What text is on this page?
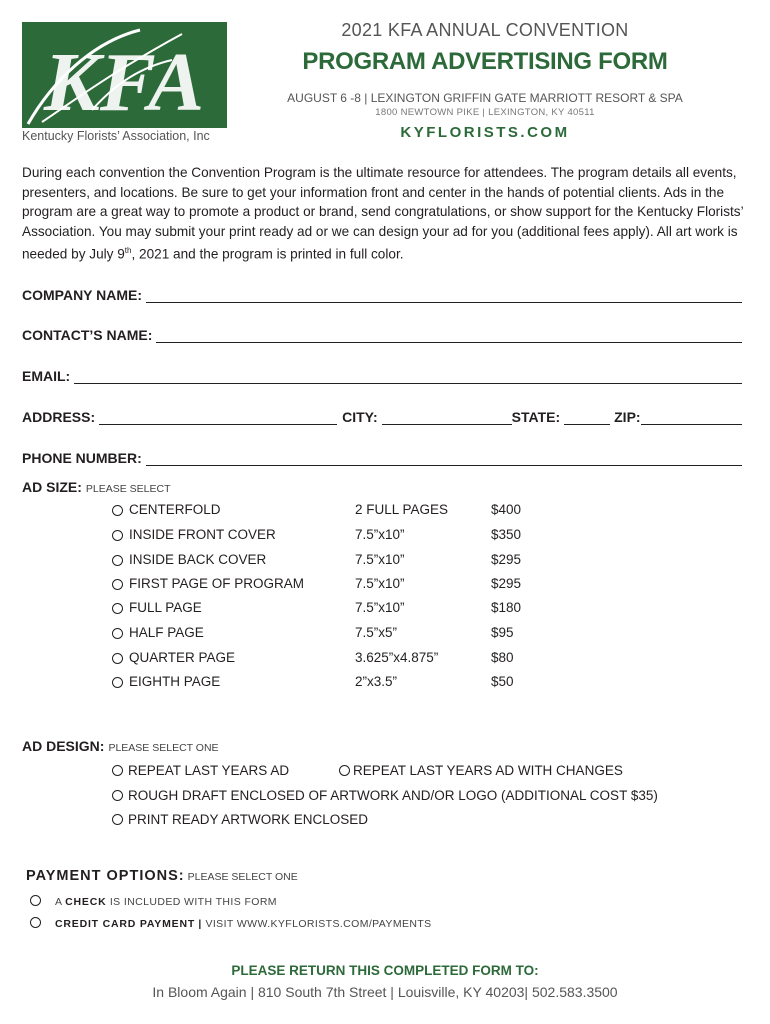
KFA
Kentucky Florists’ Association, Inc
2021 KFA ANNUAL CONVENTION
PROGRAM ADVERTISING FORM
AUGUST 6 -8 | LEXINGTON GRIFFIN GATE MARRIOTT RESORT & SPA
1800 NEWTOWN PIKE | LEXINGTON, KY 40511
KYFLORISTS.COM
During each convention the Convention Program is the ultimate resource for attendees. The program details all events, presenters, and locations. Be sure to get your information front and center in the hands of potential clients. Ads in the program are a great way to promote a product or brand, send congratulations, or show support for the Kentucky Florists’ Association. You may submit your print ready ad or we can design your ad for you (additional fees apply). All art work is needed by July 9th, 2021 and the program is printed in full color.
COMPANY NAME:
CONTACT’S NAME:
EMAIL:
ADDRESS:	CITY:	STATE:	ZIP:
PHONE NUMBER:
AD SIZE: PLEASE SELECT
CENTERFOLD	2 FULL PAGES	$400
INSIDE FRONT COVER	7.5”x10”	$350
INSIDE BACK COVER	7.5”x10”	$295
FIRST PAGE OF PROGRAM	7.5”x10”	$295
FULL PAGE	7.5”x10”	$180
HALF PAGE	7.5”x5”	$95
QUARTER PAGE	3.625”x4.875”	$80
EIGHTH PAGE	2”x3.5”	$50
AD DESIGN: PLEASE SELECT ONE
REPEAT LAST YEARS AD	REPEAT LAST YEARS AD WITH CHANGES
ROUGH DRAFT ENCLOSED OF ARTWORK AND/OR LOGO (ADDITIONAL COST $35)
PRINT READY ARTWORK ENCLOSED
PAYMENT OPTIONS: PLEASE SELECT ONE
A CHECK IS INCLUDED WITH THIS FORM
CREDIT CARD PAYMENT | VISIT WWW.KYFLORISTS.COM/PAYMENTS
PLEASE RETURN THIS COMPLETED FORM TO:
In Bloom Again | 810 South 7th Street | Louisville, KY 40203| 502.583.3500
